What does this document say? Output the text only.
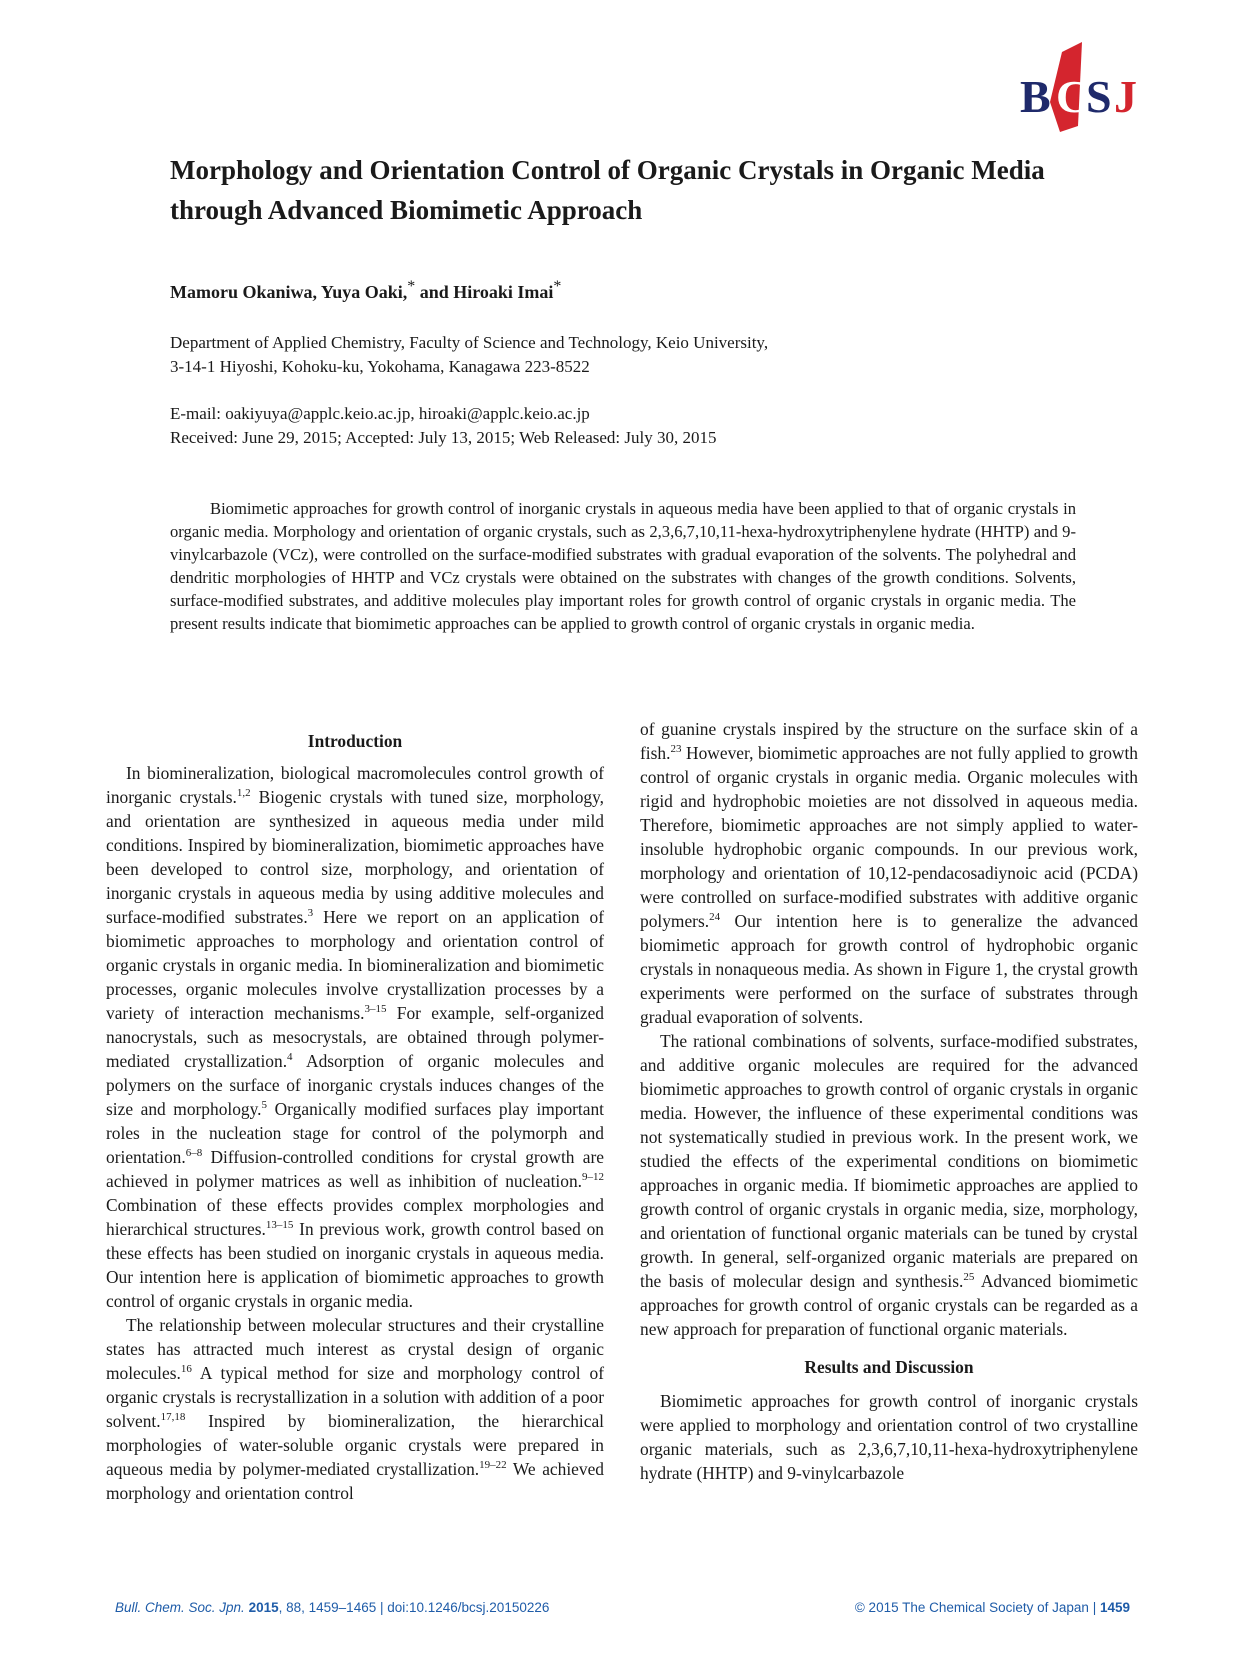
B C
S J
Morphology and Orientation Control of Organic Crystals in Organic Media through Advanced Biomimetic Approach
Mamoru Okaniwa, Yuya Oaki,* and Hiroaki Imai*
Department of Applied Chemistry, Faculty of Science and Technology, Keio University,
3-14-1 Hiyoshi, Kohoku-ku, Yokohama, Kanagawa 223-8522
E-mail: oakiyuya@applc.keio.ac.jp, hiroaki@applc.keio.ac.jp
Received: June 29, 2015; Accepted: July 13, 2015; Web Released: July 30, 2015

Biomimetic approaches for growth control of inorganic crystals in aqueous media have been applied to that of organic crystals in organic media. Morphology and orientation of organic crystals, such as 2,3,6,7,10,11-hexa-hydroxytriphenylene hydrate (HHTP) and 9-vinylcarbazole (VCz), were controlled on the surface-modified substrates with gradual evaporation of the solvents. The polyhedral and dendritic morphologies of HHTP and VCz crystals were obtained on the substrates with changes of the growth conditions. Solvents, surface-modified substrates, and additive molecules play important roles for growth control of organic crystals in organic media. The present results indicate that biomimetic approaches can be applied to growth control of organic crystals in organic media.

Introduction

In biomineralization, biological macromolecules control growth of inorganic crystals.$^{1,2}$ Biogenic crystals with tuned size, morphology, and orientation are synthesized in aqueous media under mild conditions. Inspired by biomineralization, biomimetic approaches have been developed to control size, morphology, and orientation of inorganic crystals in aqueous media by using additive molecules and surface-modified substrates.$^3$ Here we report on an application of biomimetic approaches to morphology and orientation control of organic crystals in organic media. In biomineralization and biomimetic processes, organic molecules involve crystallization processes by a variety of interaction mechanisms.$^{3-15}$ For example, self-organized nanocrystals, such as mesocrystals, are obtained through polymer-mediated crystallization.$^4$ Adsorption of organic molecules and polymers on the surface of inorganic crystals induces changes of the size and morphology.$^5$ Organically modified surfaces play important roles in the nucleation stage for control of the polymorph and orientation.$^{6-8}$ Diffusion-controlled conditions for crystal growth are achieved in polymer matrices as well as inhibition of nucleation.$^{9-12}$ Combination of these effects provides complex morphologies and hierarchical structures.$^{13-15}$ In previous work, growth control based on these effects has been studied on inorganic crystals in aqueous media. Our intention here is application of biomimetic approaches to growth control of organic crystals in organic media.

The relationship between molecular structures and their crystalline states has attracted much interest as crystal design of organic molecules.$^{16}$ A typical method for size and morphology control of organic crystals is recrystallization in a solution with addition of a poor solvent.$^{17,18}$ Inspired by biomineralization, the hierarchical morphologies of water-soluble organic crystals were prepared in aqueous media by polymer-mediated crystallization.$^{19-22}$ We achieved morphology and orientation control

of guanine crystals inspired by the structure on the surface skin of a fish.$^{23}$ However, biomimetic approaches are not fully applied to growth control of organic crystals in organic media. Organic molecules with rigid and hydrophobic moieties are not dissolved in aqueous media. Therefore, biomimetic approaches are not simply applied to water-insoluble hydrophobic organic compounds. In our previous work, morphology and orientation of 10,12-pendacosadiynoic acid (PCDA) were controlled on surface-modified substrates with additive organic polymers.$^{24}$ Our intention here is to generalize the advanced biomimetic approach for growth control of hydrophobic organic crystals in nonaqueous media. As shown in Figure 1, the crystal growth experiments were performed on the surface of substrates through gradual evaporation of solvents.

The rational combinations of solvents, surface-modified substrates, and additive organic molecules are required for the advanced biomimetic approaches to growth control of organic crystals in organic media. However, the influence of these experimental conditions was not systematically studied in previous work. In the present work, we studied the effects of the experimental conditions on biomimetic approaches in organic media. If biomimetic approaches are applied to growth control of organic crystals in organic media, size, morphology, and orientation of functional organic materials can be tuned by crystal growth. In general, self-organized organic materials are prepared on the basis of molecular design and synthesis.$^{25}$ Advanced biomimetic approaches for growth control of organic crystals can be regarded as a new approach for preparation of functional organic materials.

Results and Discussion

Biomimetic approaches for growth control of inorganic crystals were applied to morphology and orientation control of two crystalline organic materials, such as 2,3,6,7,10,11-hexa-hydroxytriphenylene hydrate (HHTP) and 9-vinylcarbazole

Bull. Chem. Soc. Jpn. 2015, 88, 1459–1465 | doi:10.1246/bcsj.20150226	© 2015 The Chemical Society of Japan | 1459
